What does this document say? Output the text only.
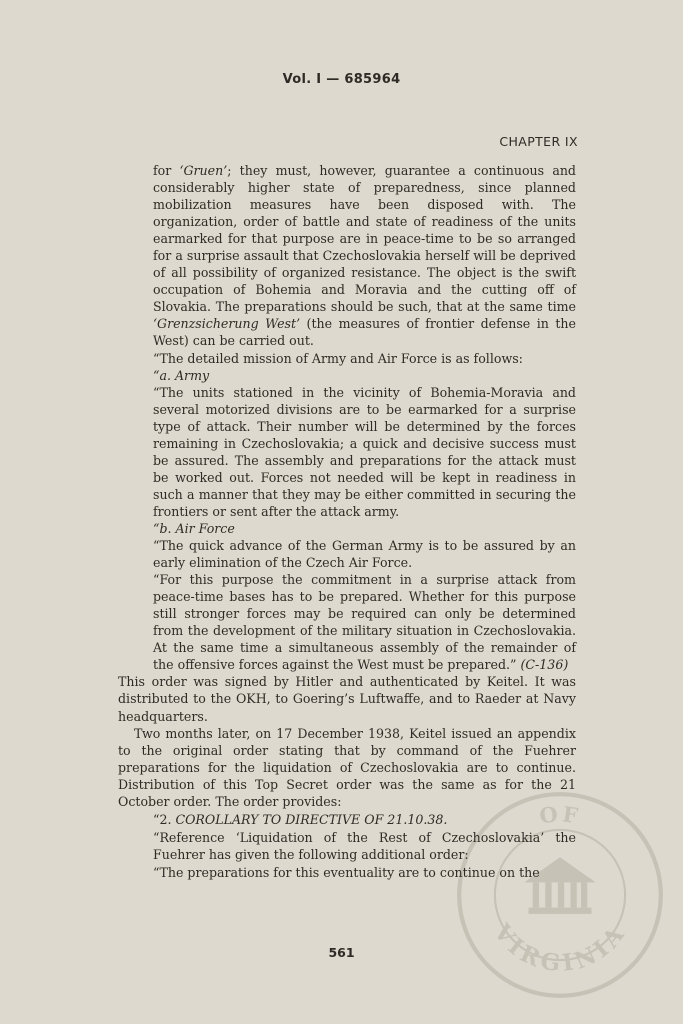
Vol. I — 685964
CHAPTER IX

for ‘Gruen’; they must, however, guarantee a continuous and considerably higher state of preparedness, since planned mobilization measures have been disposed with. The organization, order of battle and state of readiness of the units earmarked for that purpose are in peace-time to be so arranged for a surprise assault that Czechoslovakia herself will be deprived of all possibility of organized resistance. The object is the swift occupation of Bohemia and Moravia and the cutting off of Slovakia. The preparations should be such, that at the same time ‘Grenzsicherung West’ (the measures of frontier defense in the West) can be carried out.

“The detailed mission of Army and Air Force is as follows:

“a. Army

“The units stationed in the vicinity of Bohemia-Moravia and several motorized divisions are to be earmarked for a surprise type of attack. Their number will be determined by the forces remaining in Czechoslovakia; a quick and decisive success must be assured. The assembly and preparations for the attack must be worked out. Forces not needed will be kept in readiness in such a manner that they may be either committed in securing the frontiers or sent after the attack army.

“b. Air Force

“The quick advance of the German Army is to be assured by an early elimination of the Czech Air Force.

“For this purpose the commitment in a surprise attack from peace-time bases has to be prepared. Whether for this purpose still stronger forces may be required can only be determined from the development of the military situation in Czechoslovakia. At the same time a simultaneous assembly of the remainder of the offensive forces against the West must be prepared.” (C-136)

This order was signed by Hitler and authenticated by Keitel. It was distributed to the OKH, to Goering’s Luftwaffe, and to Raeder at Navy headquarters.

Two months later, on 17 December 1938, Keitel issued an appendix to the original order stating that by command of the Fuehrer preparations for the liquidation of Czechoslovakia are to continue. Distribution of this Top Secret order was the same as for the 21 October order. The order provides:

“2. COROLLARY TO DIRECTIVE OF 21.10.38.

“Reference ‘Liquidation of the Rest of Czechoslovakia’ the Fuehrer has given the following additional order:

“The preparations for this eventuality are to continue on the

561
OF
VIRGINIA
